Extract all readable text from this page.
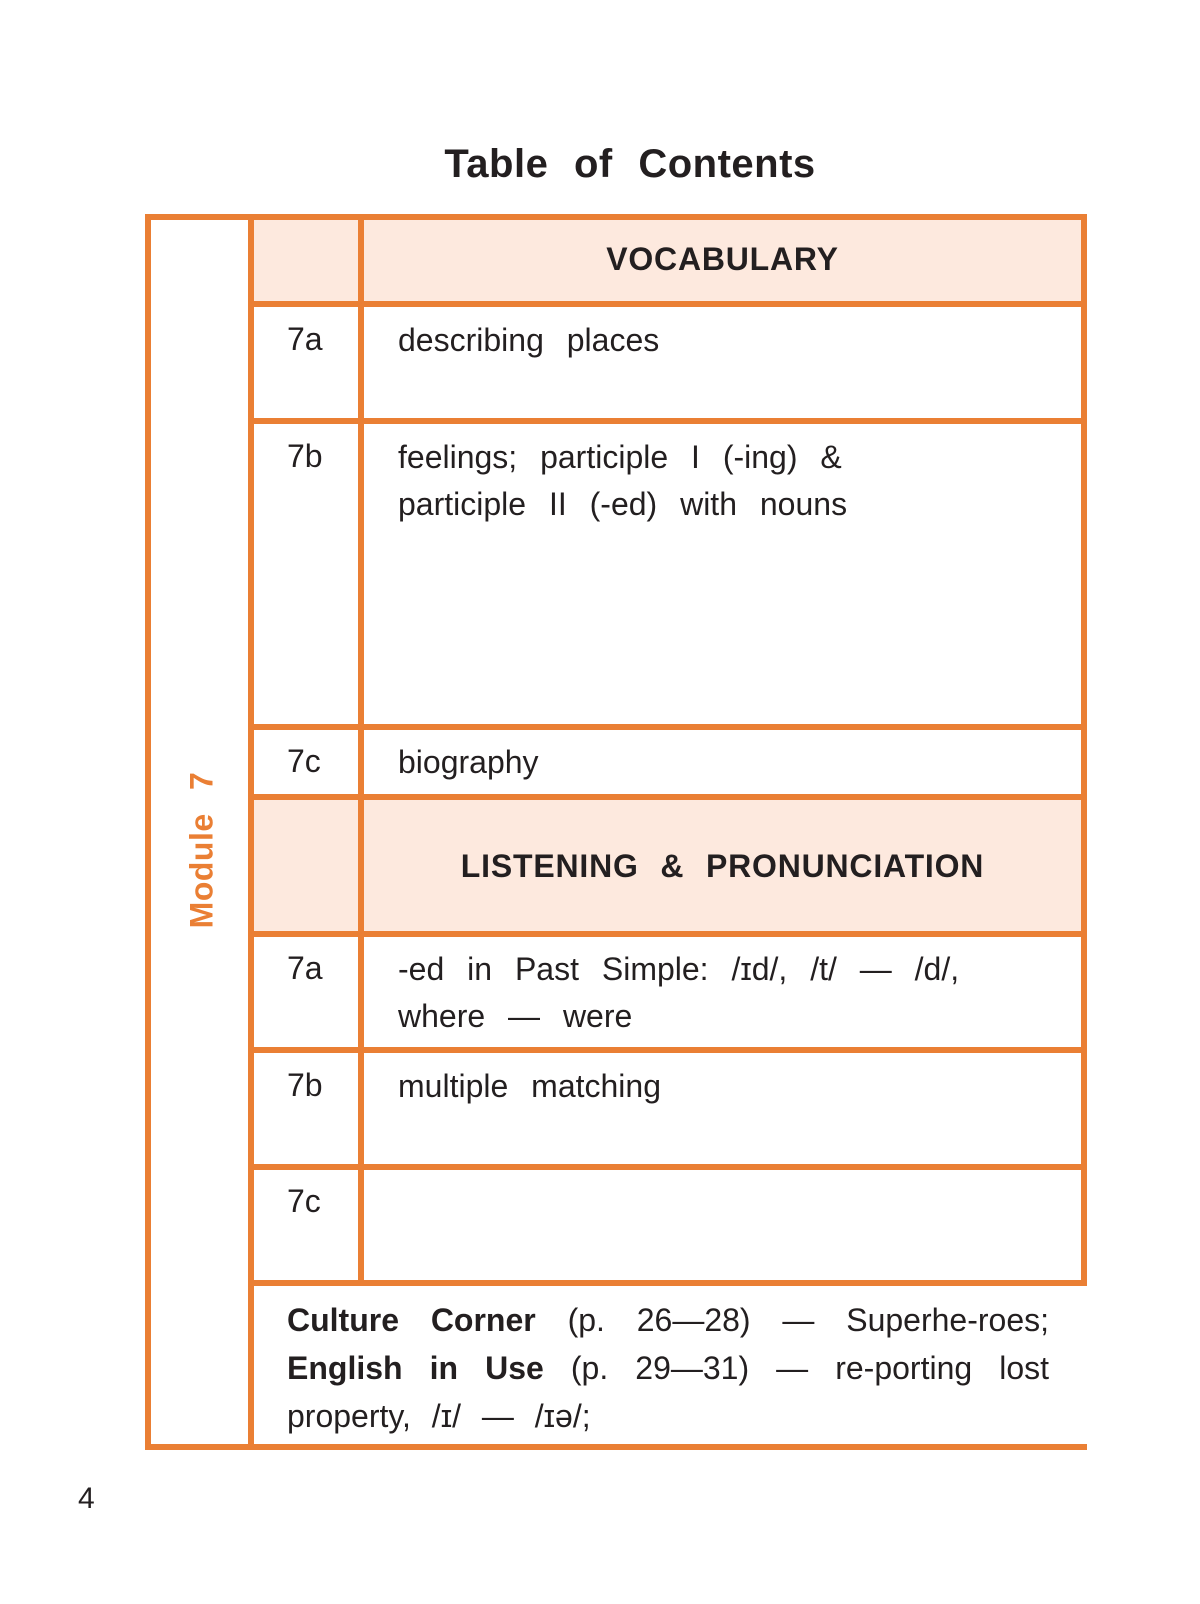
Table of Contents
Module 7
VOCABULARY
7a describing places
7b feelings; participle I (-ing) &
participle II (-ed) with nouns
7c biography
LISTENING & PRONUNCIATION
7a -ed in Past Simple: /ɪd/, /t/ — /d/,
where — were
7b multiple matching
7c
Culture Corner (p. 26—28) — Superhe-roes; English in Use (p. 29—31) — re-porting lost property, /ɪ/ — /ɪə/;
4
